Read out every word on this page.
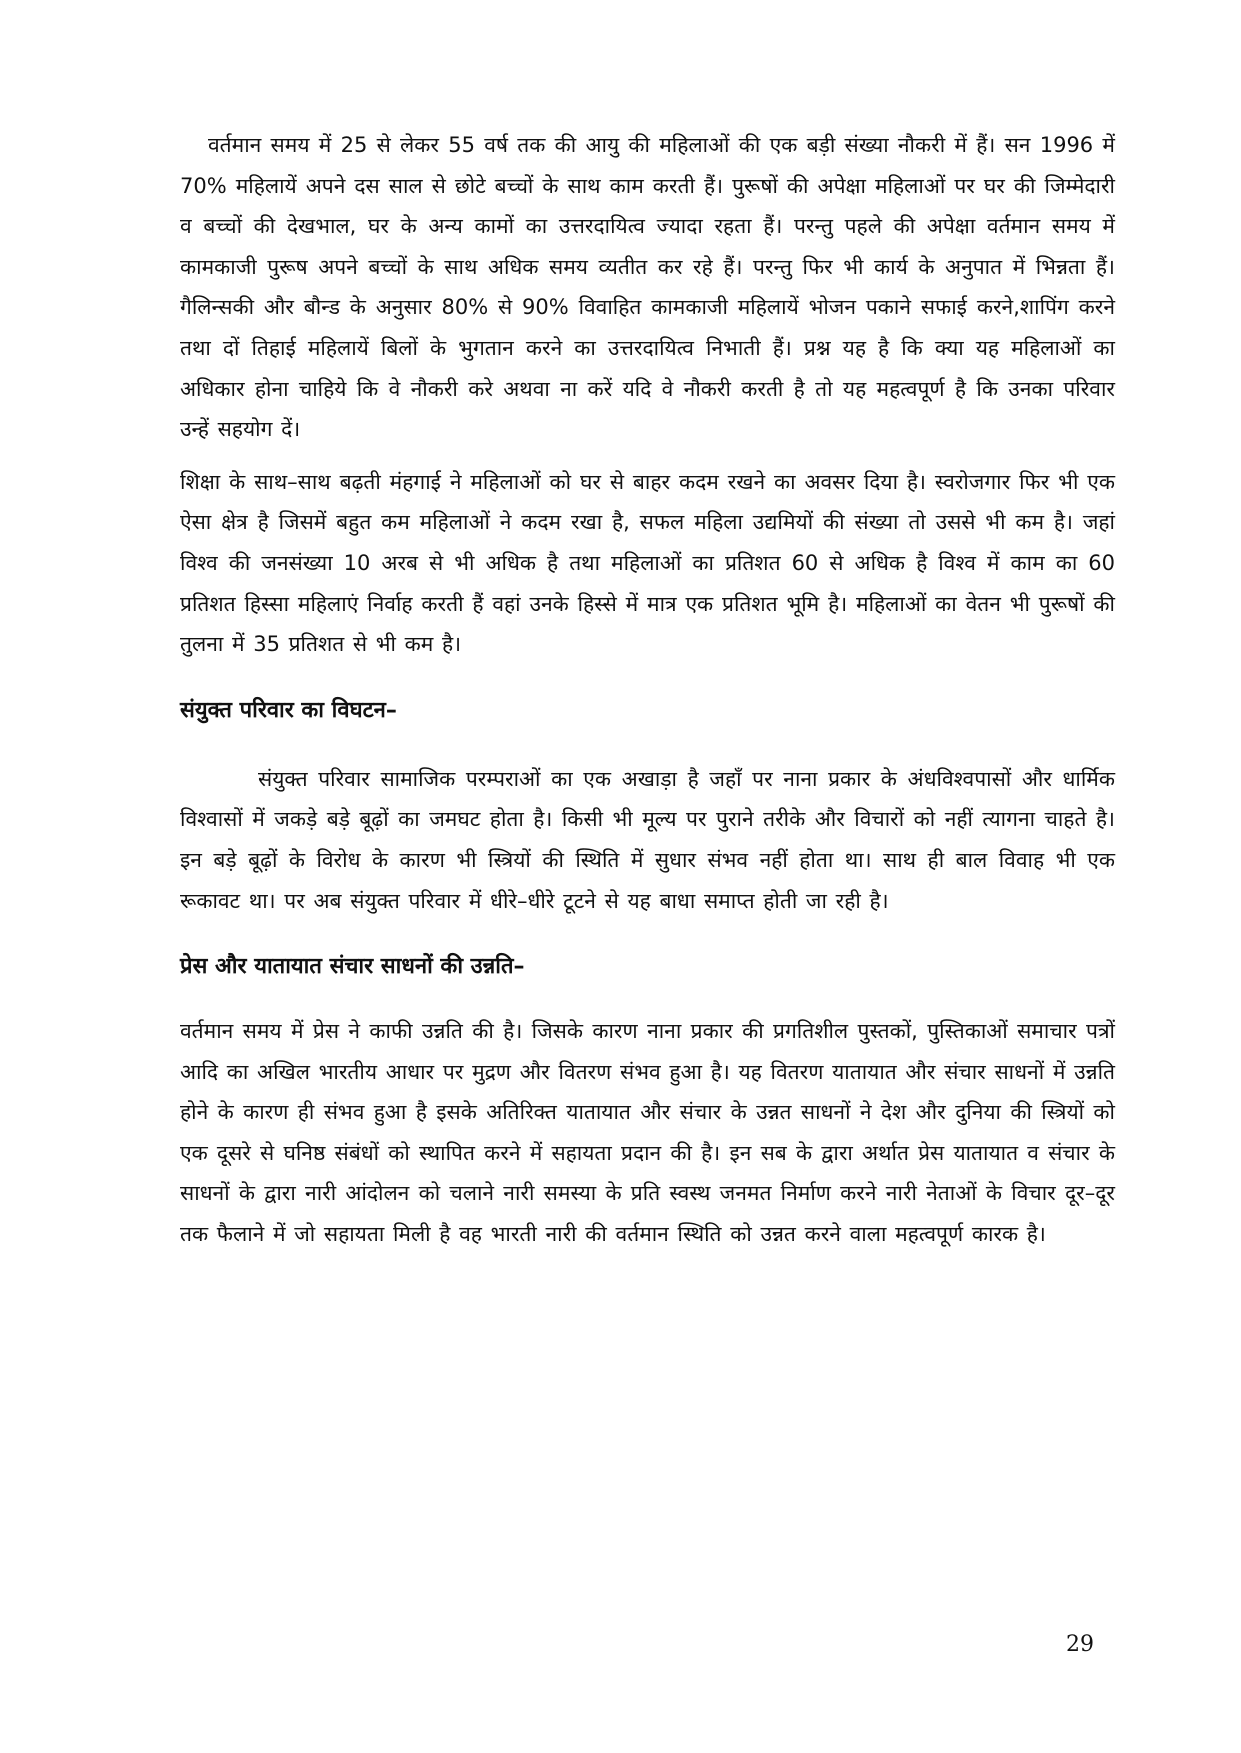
वर्तमान समय में 25 से लेकर 55 वर्ष तक की आयु की महिलाओं की एक बड़ी संख्या नौकरी में हैं। सन 1996 में 70% महिलायें अपने दस साल से छोटे बच्चों के साथ काम करती हैं। पुरूषों की अपेक्षा महिलाओं पर घर की जिम्मेदारी व बच्चों की देखभाल, घर के अन्य कामों का उत्तरदायित्व ज्यादा रहता हैं। परन्तु पहले की अपेक्षा वर्तमान समय में कामकाजी पुरूष अपने बच्चों के साथ अधिक समय व्यतीत कर रहे हैं। परन्तु फिर भी कार्य के अनुपात में भिन्नता हैं। गैलिन्सकी और बौन्ड के अनुसार 80% से 90% विवाहित कामकाजी महिलायें भोजन पकाने सफाई करने,शापिंग करने तथा दों तिहाई महिलायें बिलों के भुगतान करने का उत्तरदायित्व निभाती हैं। प्रश्न यह है कि क्या यह महिलाओं का अधिकार होना चाहिये कि वे नौकरी करे अथवा ना करें यदि वे नौकरी करती है तो यह महत्वपूर्ण है कि उनका परिवार उन्हें सहयोग दें।

शिक्षा के साथ–साथ बढ़ती मंहगाई ने महिलाओं को घर से बाहर कदम रखने का अवसर दिया है। स्वरोजगार फिर भी एक ऐसा क्षेत्र है जिसमें बहुत कम महिलाओं ने कदम रखा है, सफल महिला उद्यमियों की संख्या तो उससे भी कम है। जहां विश्व की जनसंख्या 10 अरब से भी अधिक है तथा महिलाओं का प्रतिशत 60 से अधिक है विश्व में काम का 60 प्रतिशत हिस्सा महिलाएं निर्वाह करती हैं वहां उनके हिस्से में मात्र एक प्रतिशत भूमि है। महिलाओं का वेतन भी पुरूषों की तुलना में 35 प्रतिशत से भी कम है।

संयुक्त परिवार का विघटन–

संयुक्त परिवार सामाजिक परम्पराओं का एक अखाड़ा है जहॉं पर नाना प्रकार के अंधविश्वपासों और धार्मिक विश्वासों में जकड़े बड़े बूढ़ों का जमघट होता है। किसी भी मूल्य पर पुराने तरीके और विचारों को नहीं त्यागना चाहते है। इन बड़े बूढ़ों के विरोध के कारण भी स्त्रियों की स्थिति में सुधार संभव नहीं होता था। साथ ही बाल विवाह भी एक रूकावट था। पर अब संयुक्त परिवार में धीरे–धीरे टूटने से यह बाधा समाप्त होती जा रही है।

प्रेस और यातायात संचार साधनों की उन्नति–

वर्तमान समय में प्रेस ने काफी उन्नति की है। जिसके कारण नाना प्रकार की प्रगतिशील पुस्तकों, पुस्तिकाओं समाचार पत्रों आदि का अखिल भारतीय आधार पर मुद्रण और वितरण संभव हुआ है। यह वितरण यातायात और संचार साधनों में उन्नति होने के कारण ही संभव हुआ है इसके अतिरिक्त यातायात और संचार के उन्नत साधनों ने देश और दुनिया की स्त्रियों को एक दूसरे से घनिष्ठ संबंधों को स्थापित करने में सहायता प्रदान की है। इन सब के द्वारा अर्थात प्रेस यातायात व संचार के साधनों के द्वारा नारी आंदोलन को चलाने नारी समस्या के प्रति स्वस्थ जनमत निर्माण करने नारी नेताओं के विचार दूर–दूर तक फैलाने में जो सहायता मिली है वह भारती नारी की वर्तमान स्थिति को उन्नत करने वाला महत्वपूर्ण कारक है।

29
